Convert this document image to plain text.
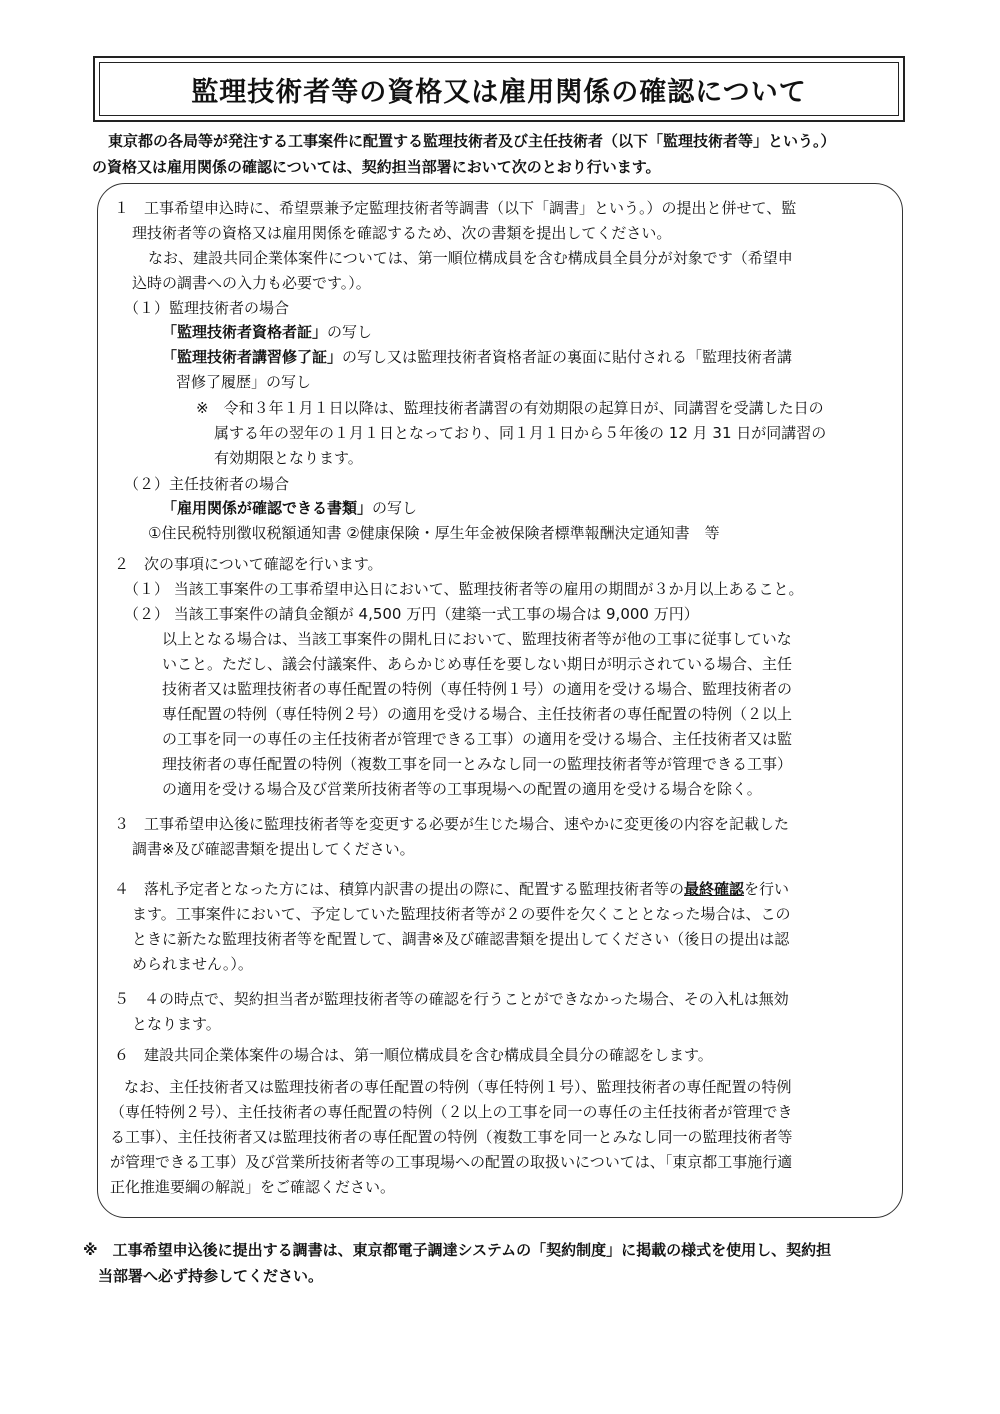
監理技術者等の資格又は雇用関係の確認について

東京都の各局等が発注する工事案件に配置する監理技術者及び主任技術者（以下「監理技術者等」という。）

の資格又は雇用関係の確認については、契約担当部署において次のとおり行います。

１　工事希望申込時に、希望票兼予定監理技術者等調書（以下「調書」という。）の提出と併せて、監
理技術者等の資格又は雇用関係を確認するため、次の書類を提出してください。
なお、建設共同企業体案件については、第一順位構成員を含む構成員全員分が対象です（希望申
込時の調書への入力も必要です。）。
（１）監理技術者の場合
「監理技術者資格者証」の写し
「監理技術者講習修了証」の写し又は監理技術者資格者証の裏面に貼付される「監理技術者講
習修了履歴」の写し
※　令和３年１月１日以降は、監理技術者講習の有効期限の起算日が、同講習を受講した日の
属する年の翌年の１月１日となっており、同１月１日から５年後の 12 月 31 日が同講習の
有効期限となります。
（２）主任技術者の場合
「雇用関係が確認できる書類」の写し
①住民税特別徴収税額通知書 ②健康保険・厚生年金被保険者標準報酬決定通知書　等
２　次の事項について確認を行います。
（１） 当該工事案件の工事希望申込日において、監理技術者等の雇用の期間が３か月以上あること。
（２） 当該工事案件の請負金額が 4,500 万円（建築一式工事の場合は 9,000 万円）
以上となる場合は、当該工事案件の開札日において、監理技術者等が他の工事に従事していな
いこと。ただし、議会付議案件、あらかじめ専任を要しない期日が明示されている場合、主任
技術者又は監理技術者の専任配置の特例（専任特例１号）の適用を受ける場合、監理技術者の
専任配置の特例（専任特例２号）の適用を受ける場合、主任技術者の専任配置の特例（２以上
の工事を同一の専任の主任技術者が管理できる工事）の適用を受ける場合、主任技術者又は監
理技術者の専任配置の特例（複数工事を同一とみなし同一の監理技術者等が管理できる工事）
の適用を受ける場合及び営業所技術者等の工事現場への配置の適用を受ける場合を除く。
３　工事希望申込後に監理技術者等を変更する必要が生じた場合、速やかに変更後の内容を記載した
調書※及び確認書類を提出してください。
４　落札予定者となった方には、積算内訳書の提出の際に、配置する監理技術者等の最終確認を行い
ます。工事案件において、予定していた監理技術者等が２の要件を欠くこととなった場合は、この
ときに新たな監理技術者等を配置して、調書※及び確認書類を提出してください（後日の提出は認
められません。）。
５　４の時点で、契約担当者が監理技術者等の確認を行うことができなかった場合、その入札は無効
となります。
６　建設共同企業体案件の場合は、第一順位構成員を含む構成員全員分の確認をします。
なお、主任技術者又は監理技術者の専任配置の特例（専任特例１号）、監理技術者の専任配置の特例
（専任特例２号）、主任技術者の専任配置の特例（２以上の工事を同一の専任の主任技術者が管理でき
る工事）、主任技術者又は監理技術者の専任配置の特例（複数工事を同一とみなし同一の監理技術者等
が管理できる工事）及び営業所技術者等の工事現場への配置の取扱いについては、「東京都工事施行適
正化推進要綱の解説」をご確認ください。

※　工事希望申込後に提出する調書は、東京都電子調達システムの「契約制度」に掲載の様式を使用し、契約担

　当部署へ必ず持参してください。
